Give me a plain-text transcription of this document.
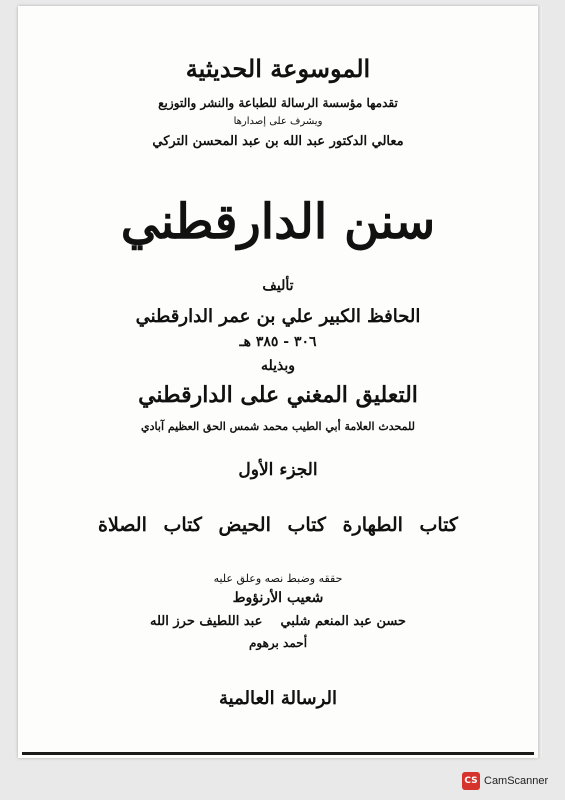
الموسوعة الحديثية
تقدمها مؤسسة الرسالة للطباعة والنشر والتوزيع
ويشرف على إصدارها
معالي الدكتور عبد الله بن عبد المحسن التركي
سنن الدارقطني
تأليف
الحافظ الكبير علي بن عمر الدارقطني
٣٠٦ - ٣٨٥ هـ
وبذيله
التعليق المغني على الدارقطني
للمحدث العلامة أبي الطيب محمد شمس الحق العظيم آبادي
الجزء الأول
كتاب الطهارة كتاب الحيض كتاب الصلاة
حققه وضبط نصه وعلق عليه
شعيب الأرنؤوط
حسن عبد المنعم شلبي    عبد اللطيف حرز الله
أحمد برهوم
الرسالة العالمية
CS CamScanner
